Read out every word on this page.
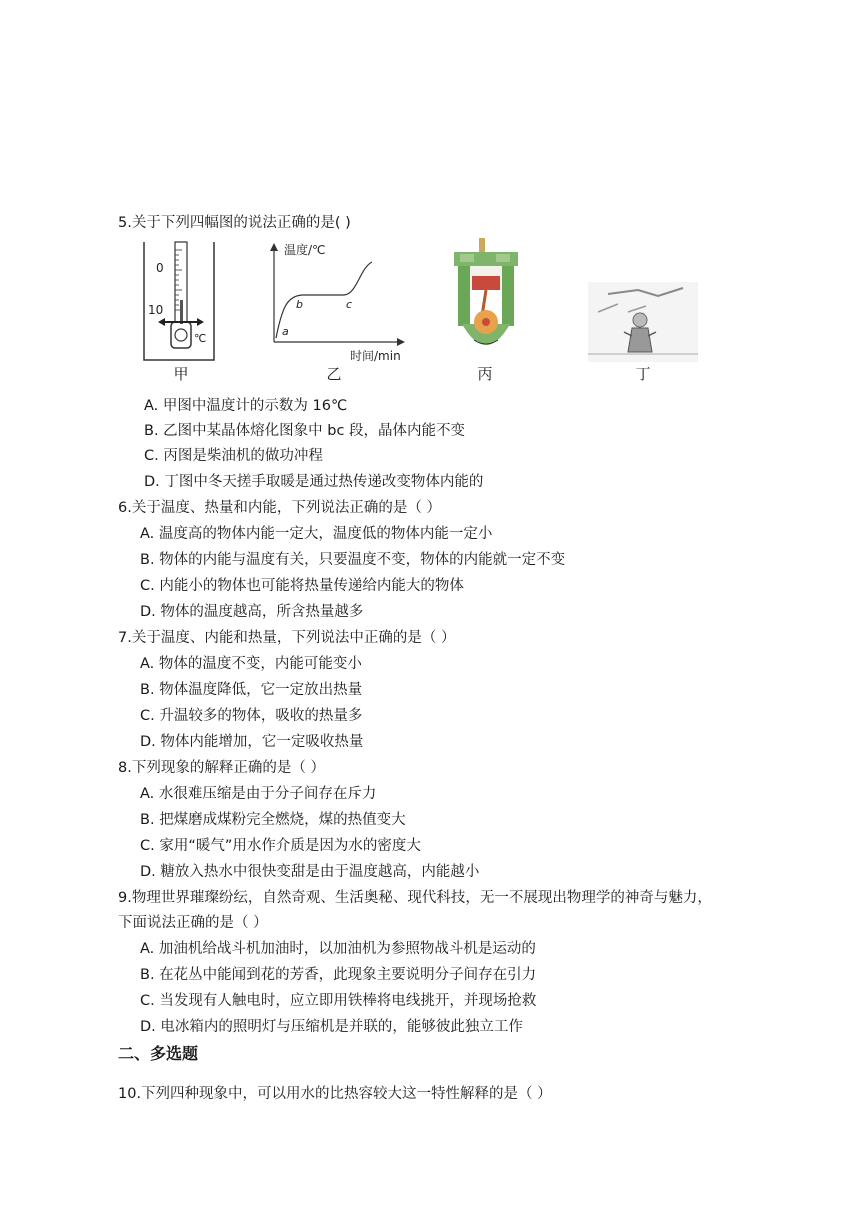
5.关于下列四幅图的说法正确的是( )
0
10
℃
温度/℃
时间/min
a
b	c
甲	乙	丙	丁
A. 甲图中温度计的示数为 16℃
B. 乙图中某晶体熔化图象中 bc 段，晶体内能不变
C. 丙图是柴油机的做功冲程
D. 丁图中冬天搓手取暖是通过热传递改变物体内能的
6.关于温度、热量和内能，下列说法正确的是（ ）
A. 温度高的物体内能一定大，温度低的物体内能一定小
B. 物体的内能与温度有关，只要温度不变，物体的内能就一定不变
C. 内能小的物体也可能将热量传递给内能大的物体
D. 物体的温度越高，所含热量越多
7.关于温度、内能和热量，下列说法中正确的是（ ）
A. 物体的温度不变，内能可能变小
B. 物体温度降低，它一定放出热量
C. 升温较多的物体，吸收的热量多
D. 物体内能增加，它一定吸收热量
8.下列现象的解释正确的是（ ）
A. 水很难压缩是由于分子间存在斥力
B. 把煤磨成煤粉完全燃烧，煤的热值变大
C. 家用“暖气”用水作介质是因为水的密度大
D. 糖放入热水中很快变甜是由于温度越高，内能越小
9.物理世界璀璨纷纭，自然奇观、生活奥秘、现代科技，无一不展现出物理学的神奇与魅力，
下面说法正确的是（ ）
A. 加油机给战斗机加油时，以加油机为参照物战斗机是运动的
B. 在花丛中能闻到花的芳香，此现象主要说明分子间存在引力
C. 当发现有人触电时，应立即用铁棒将电线挑开，并现场抢救
D. 电冰箱内的照明灯与压缩机是并联的，能够彼此独立工作
二、多选题
10.下列四种现象中，可以用水的比热容较大这一特性解释的是（ ）
